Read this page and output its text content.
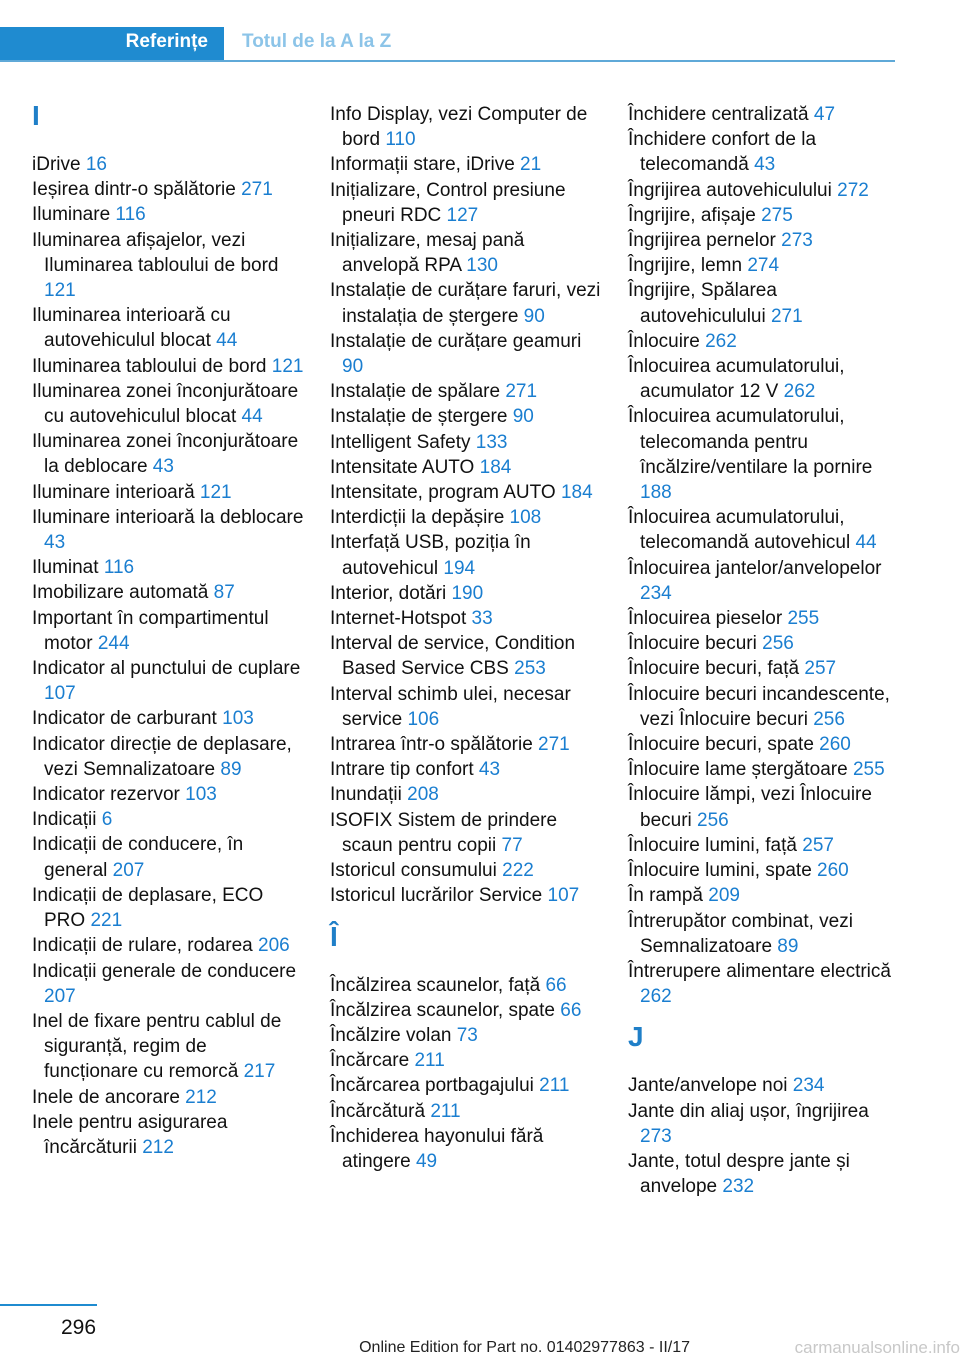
Referințe Totul de la A la Z
I
iDrive 16
Ieșirea dintr-o spălătorie 271
Iluminare 116
Iluminarea afișajelor, vezi Iluminarea tabloului de bord 121
Iluminarea interioară cu autovehiculul blocat 44
Iluminarea tabloului de bord 121
Iluminarea zonei înconjurătoare cu autovehiculul blocat 44
Iluminarea zonei înconjurătoare la deblocare 43
Iluminare interioară 121
Iluminare interioară la deblocare 43
Iluminat 116
Imobilizare automată 87
Important în compartimentul motor 244
Indicator al punctului de cuplare 107
Indicator de carburant 103
Indicator direcție de deplasare, vezi Semnalizatoare 89
Indicator rezervor 103
Indicații 6
Indicații de conducere, în general 207
Indicații de deplasare, ECO PRO 221
Indicații de rulare, rodarea 206
Indicații generale de conducere 207
Inel de fixare pentru cablul de siguranță, regim de funcționare cu remorcă 217
Inele de ancorare 212
Inele pentru asigurarea încărcăturii 212
Info Display, vezi Computer de bord 110
Informații stare, iDrive 21
Inițializare, Control presiune pneuri RDC 127
Inițializare, mesaj pană anvelopă RPA 130
Instalație de curățare faruri, vezi instalația de ștergere 90
Instalație de curățare geamuri 90
Instalație de spălare 271
Instalație de ștergere 90
Intelligent Safety 133
Intensitate AUTO 184
Intensitate, program AUTO 184
Interdicții la depășire 108
Interfață USB, poziția în autovehicul 194
Interior, dotări 190
Internet-Hotspot 33
Interval de service, Condition Based Service CBS 253
Interval schimb ulei, necesar service 106
Intrarea într-o spălătorie 271
Intrare tip confort 43
Inundații 208
ISOFIX Sistem de prindere scaun pentru copii 77
Istoricul consumului 222
Istoricul lucrărilor Service 107
Î
Încălzirea scaunelor, față 66
Încălzirea scaunelor, spate 66
Încălzire volan 73
Încărcare 211
Încărcarea portbagajului 211
Încărcătură 211
Închiderea hayonului fără atingere 49
Închidere centralizată 47
Închidere confort de la telecomandă 43
Îngrijirea autovehiculului 272
Îngrijire, afișaje 275
Îngrijirea pernelor 273
Îngrijire, lemn 274
Îngrijire, Spălarea autovehiculului 271
Înlocuire 262
Înlocuirea acumulatorului, acumulator 12 V 262
Înlocuirea acumulatorului, telecomanda pentru încălzire/ventilare la pornire 188
Înlocuirea acumulatorului, telecomandă autovehicul 44
Înlocuirea jantelor/anvelopelor 234
Înlocuirea pieselor 255
Înlocuire becuri 256
Înlocuire becuri, față 257
Înlocuire becuri incandescente, vezi Înlocuire becuri 256
Înlocuire becuri, spate 260
Înlocuire lame ștergătoare 255
Înlocuire lămpi, vezi Înlocuire becuri 256
Înlocuire lumini, față 257
Înlocuire lumini, spate 260
În rampă 209
Întrerupător combinat, vezi Semnalizatoare 89
Întrerupere alimentare electrică 262
J
Jante/anvelope noi 234
Jante din aliaj ușor, îngrijirea 273
Jante, totul despre jante și anvelope 232
296
Online Edition for Part no. 01402977863 - II/17	carmanualsonline.info
